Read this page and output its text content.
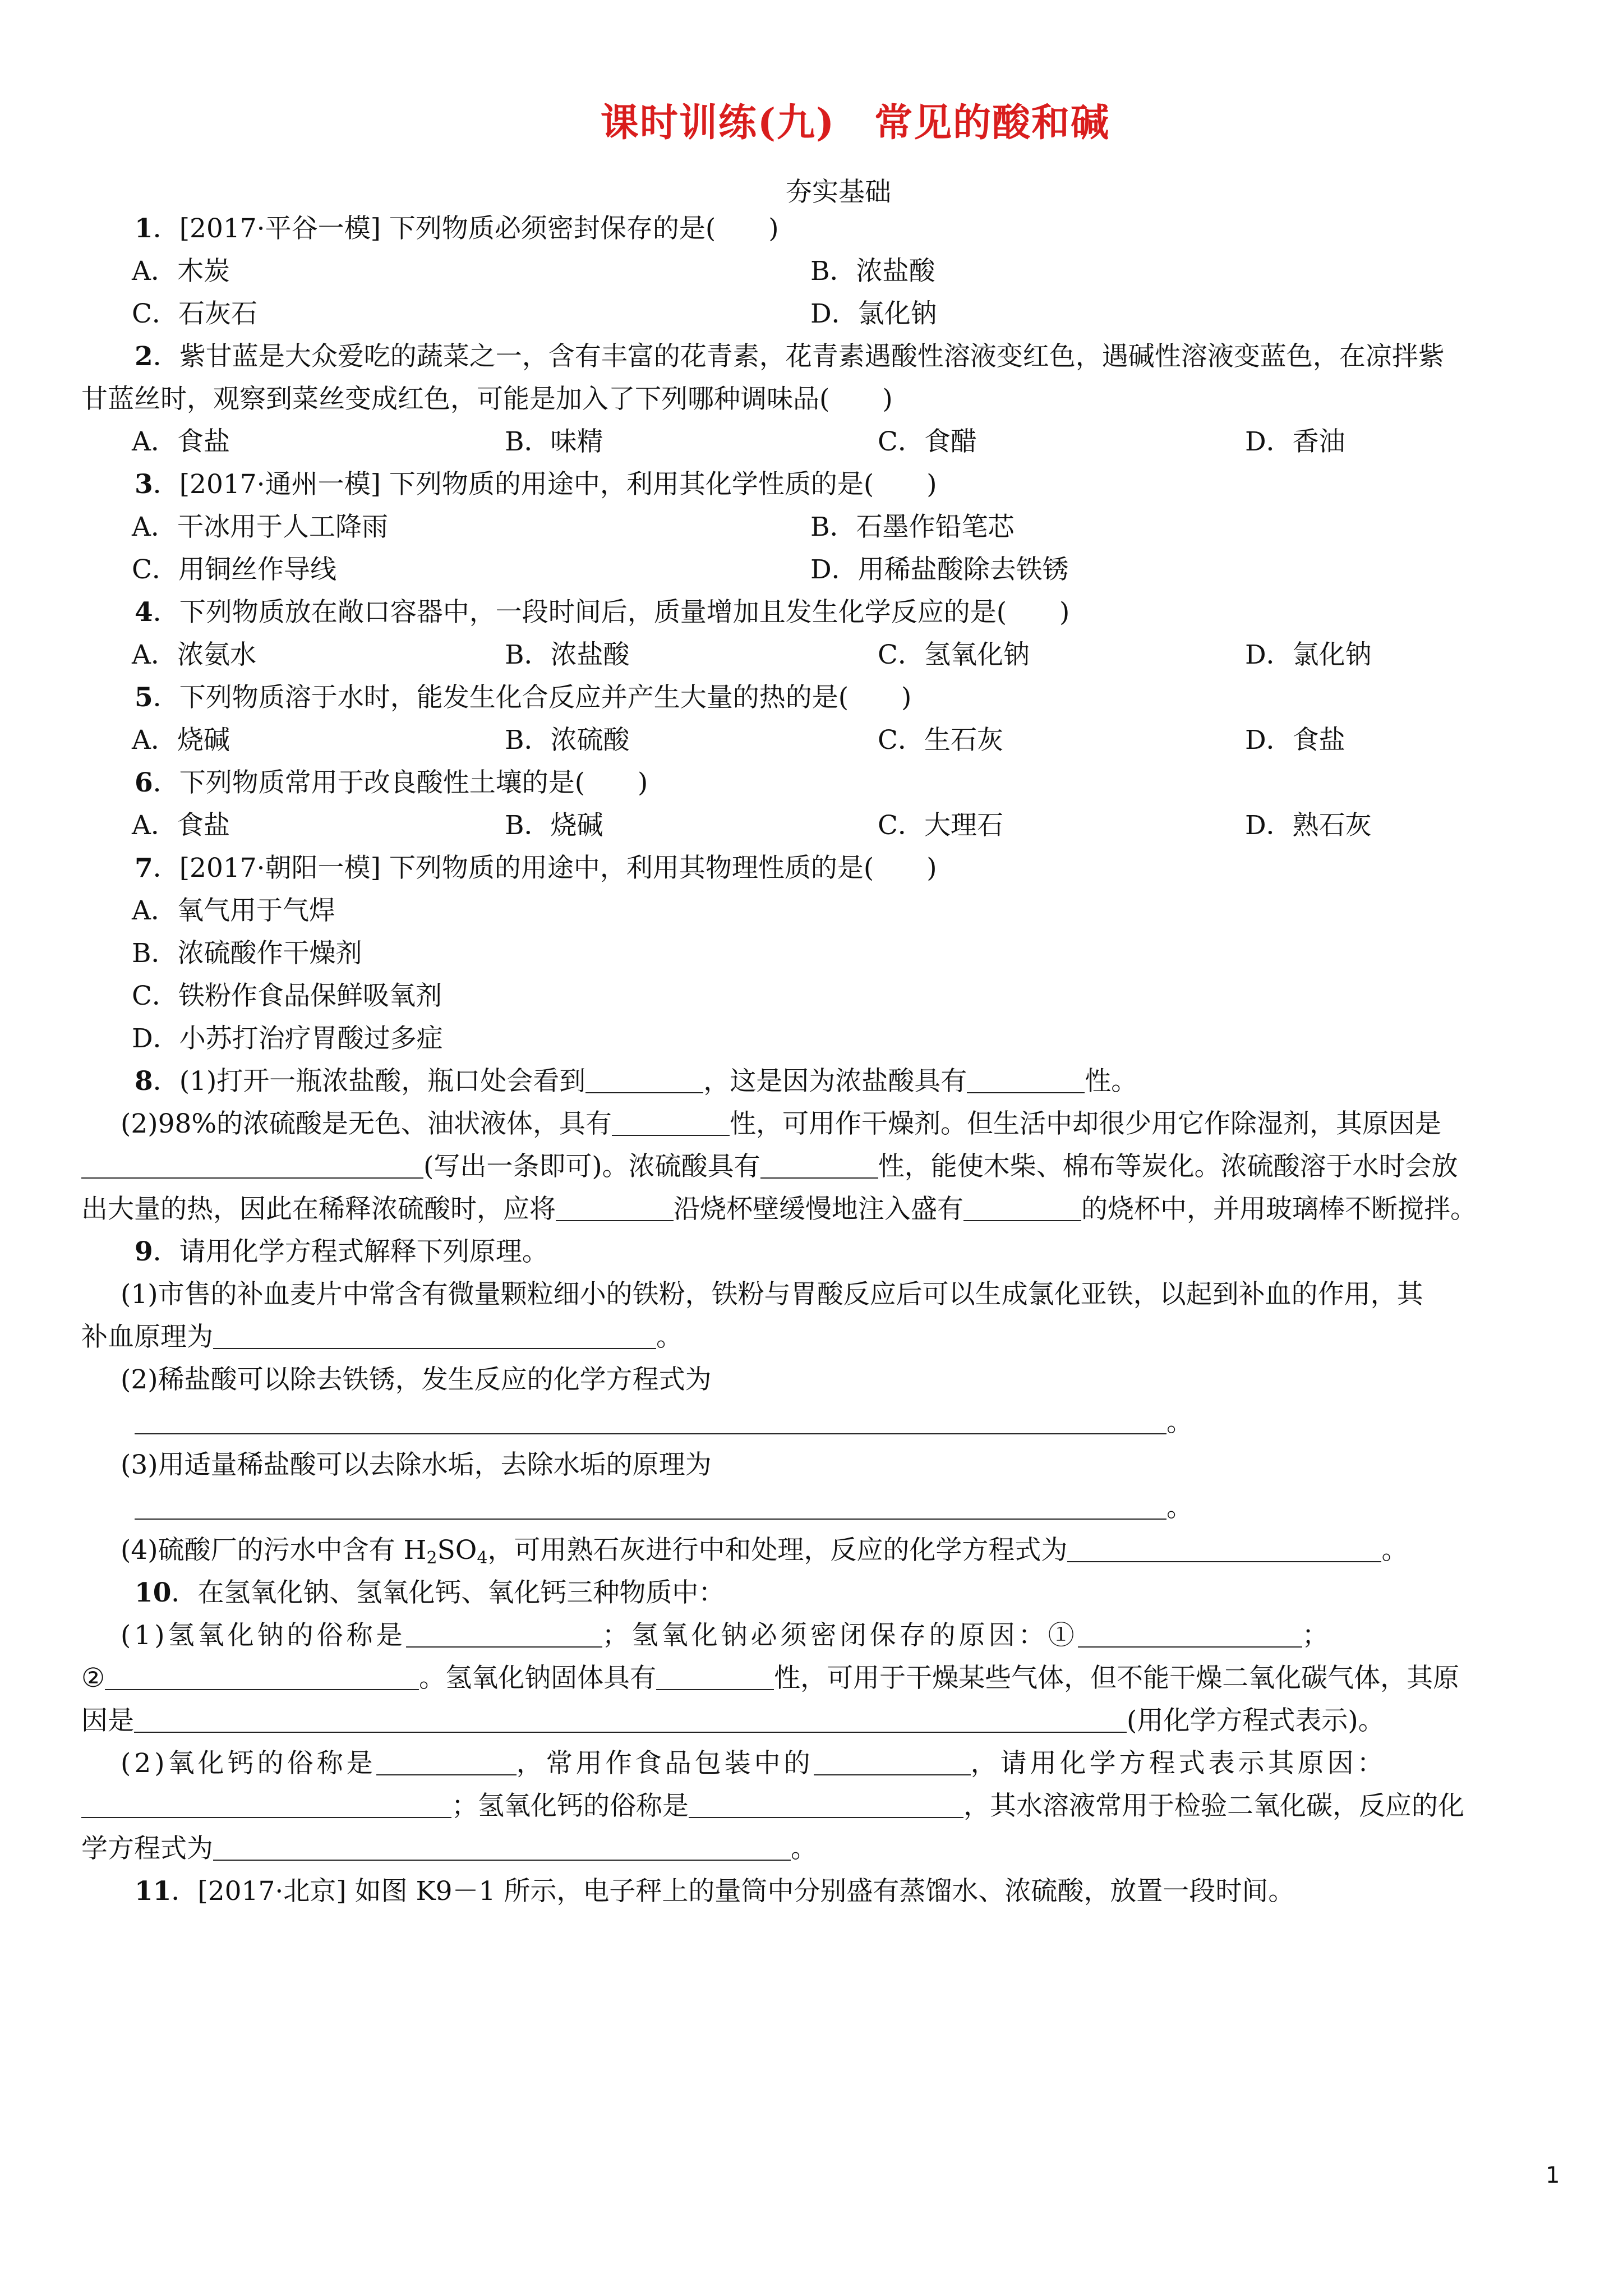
课时训练(九)　常见的酸和碱
夯实基础

1．[2017·平谷一模] 下列物质必须密封保存的是(　　)

A．木炭	B．浓盐酸
C．石灰石	D．氯化钠

2．紫甘蓝是大众爱吃的蔬菜之一，含有丰富的花青素，花青素遇酸性溶液变红色，遇碱性溶液变蓝色，在凉拌紫

甘蓝丝时，观察到菜丝变成红色，可能是加入了下列哪种调味品(　　)

A．食盐	B．味精	C．食醋	D．香油

3．[2017·通州一模] 下列物质的用途中，利用其化学性质的是(　　)

A．干冰用于人工降雨	B．石墨作铅笔芯
C．用铜丝作导线	D．用稀盐酸除去铁锈

4．下列物质放在敞口容器中，一段时间后，质量增加且发生化学反应的是(　　)

A．浓氨水	B．浓盐酸	C．氢氧化钠	D．氯化钠

5．下列物质溶于水时，能发生化合反应并产生大量的热的是(　　)

A．烧碱	B．浓硫酸	C．生石灰	D．食盐

6．下列物质常用于改良酸性土壤的是(　　)

A．食盐	B．烧碱	C．大理石	D．熟石灰

7．[2017·朝阳一模] 下列物质的用途中，利用其物理性质的是(　　)

A．氧气用于气焊

B．浓硫酸作干燥剂

C．铁粉作食品保鲜吸氧剂

D．小苏打治疗胃酸过多症

8．(1)打开一瓶浓盐酸，瓶口处会看到	，这是因为浓盐酸具有	性。

(2)98%的浓硫酸是无色、油状液体，具有	性，可用作干燥剂。但生活中却很少用它作除湿剂，其原因是

(写出一条即可)。浓硫酸具有	性，能使木柴、棉布等炭化。浓硫酸溶于水时会放

出大量的热，因此在稀释浓硫酸时，应将	沿烧杯壁缓慢地注入盛有	的烧杯中，并用玻璃棒不断搅拌。

9．请用化学方程式解释下列原理。

(1)市售的补血麦片中常含有微量颗粒细小的铁粉，铁粉与胃酸反应后可以生成氯化亚铁，以起到补血的作用，其

补血原理为	。

(2)稀盐酸可以除去铁锈，发生反应的化学方程式为

。

(3)用适量稀盐酸可以去除水垢，去除水垢的原理为

。

(4)硫酸厂的污水中含有 $H_2SO_4$，可用熟石灰进行中和处理，反应的化学方程式为	。

10．在氢氧化钠、氢氧化钙、氧化钙三种物质中：

(1)氢氧化钠的俗称是	；氢氧化钠必须密闭保存的原因：①	；

②	。氢氧化钠固体具有	性，可用于干燥某些气体，但不能干燥二氧化碳气体，其原

因是	(用化学方程式表示)。

(2)氧化钙的俗称是	，常用作食品包装中的	，请用化学方程式表示其原因：

；氢氧化钙的俗称是	，其水溶液常用于检验二氧化碳，反应的化

学方程式为	。

11．[2017·北京] 如图 K9－1 所示，电子秤上的量筒中分别盛有蒸馏水、浓硫酸，放置一段时间。

1
